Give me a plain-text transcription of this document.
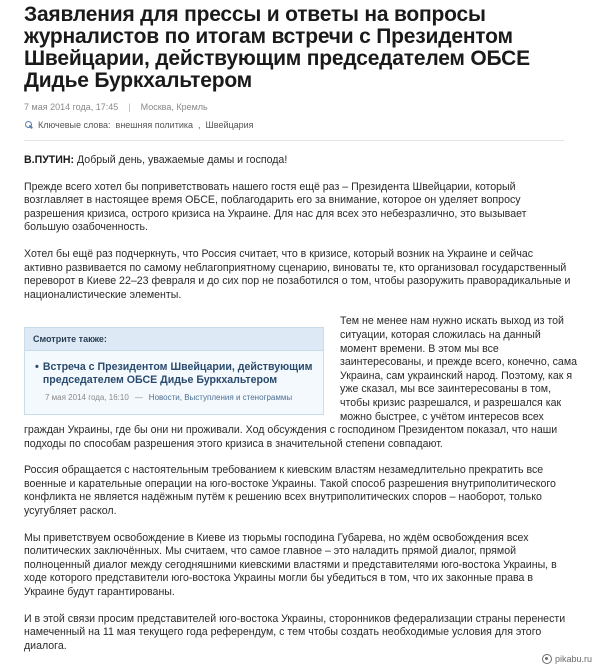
Заявления для прессы и ответы на вопросы журналистов по итогам встречи с Президентом Швейцарии, действующим председателем ОБСЕ Дидье Буркхальтером
7 мая 2014 года, 17:45 | Москва, Кремль
Ключевые слова: внешняя политика , Швейцария

В.ПУТИН: Добрый день, уважаемые дамы и господа!

Прежде всего хотел бы поприветствовать нашего гостя ещё раз – Президента Швейцарии, который возглавляет в настоящее время ОБСЕ, поблагодарить его за внимание, которое он уделяет вопросу разрешения кризиса, острого кризиса на Украине. Для нас для всех это небезразлично, это вызывает большую озабоченность.

Хотел бы ещё раз подчеркнуть, что Россия считает, что в кризисе, который возник на Украине и сейчас активно развивается по самому неблагоприятному сценарию, виноваты те, кто организовал государственный переворот в Киеве 22–23 февраля и до сих пор не позаботился о том, чтобы разоружить праворадикальные и националистические элементы.

Смотрите также:
• Встреча с Президентом Швейцарии, действующим председателем ОБСЕ Дидье Буркхальтером
7 мая 2014 года, 16:10 — Новости, Выступления и стенограммы

Тем не менее нам нужно искать выход из той ситуации, которая сложилась на данный момент времени. В этом мы все заинтересованы, и прежде всего, конечно, сама Украина, сам украинский народ. Поэтому, как я уже сказал, мы все заинтересованы в том, чтобы кризис разрешался, и разрешался как можно быстрее, с учётом интересов всех граждан Украины, где бы они ни проживали. Ход обсуждения с господином Президентом показал, что наши подходы по способам разрешения этого кризиса в значительной степени совпадают.

Россия обращается с настоятельным требованием к киевским властям незамедлительно прекратить все военные и карательные операции на юго-востоке Украины. Такой способ разрешения внутриполитического конфликта не является надёжным путём к решению всех внутриполитических споров – наоборот, только усугубляет раскол.

Мы приветствуем освобождение в Киеве из тюрьмы господина Губарева, но ждём освобождения всех политических заключённых. Мы считаем, что самое главное – это наладить прямой диалог, прямой полноценный диалог между сегодняшними киевскими властями и представителями юго-востока Украины, в ходе которого представители юго-востока Украины могли бы убедиться в том, что их законные права в Украине будут гарантированы.

И в этой связи просим представителей юго-востока Украины, сторонников федерализации страны перенести намеченный на 11 мая текущего года референдум, с тем чтобы создать необходимые условия для этого диалога.

pikabu.ru
